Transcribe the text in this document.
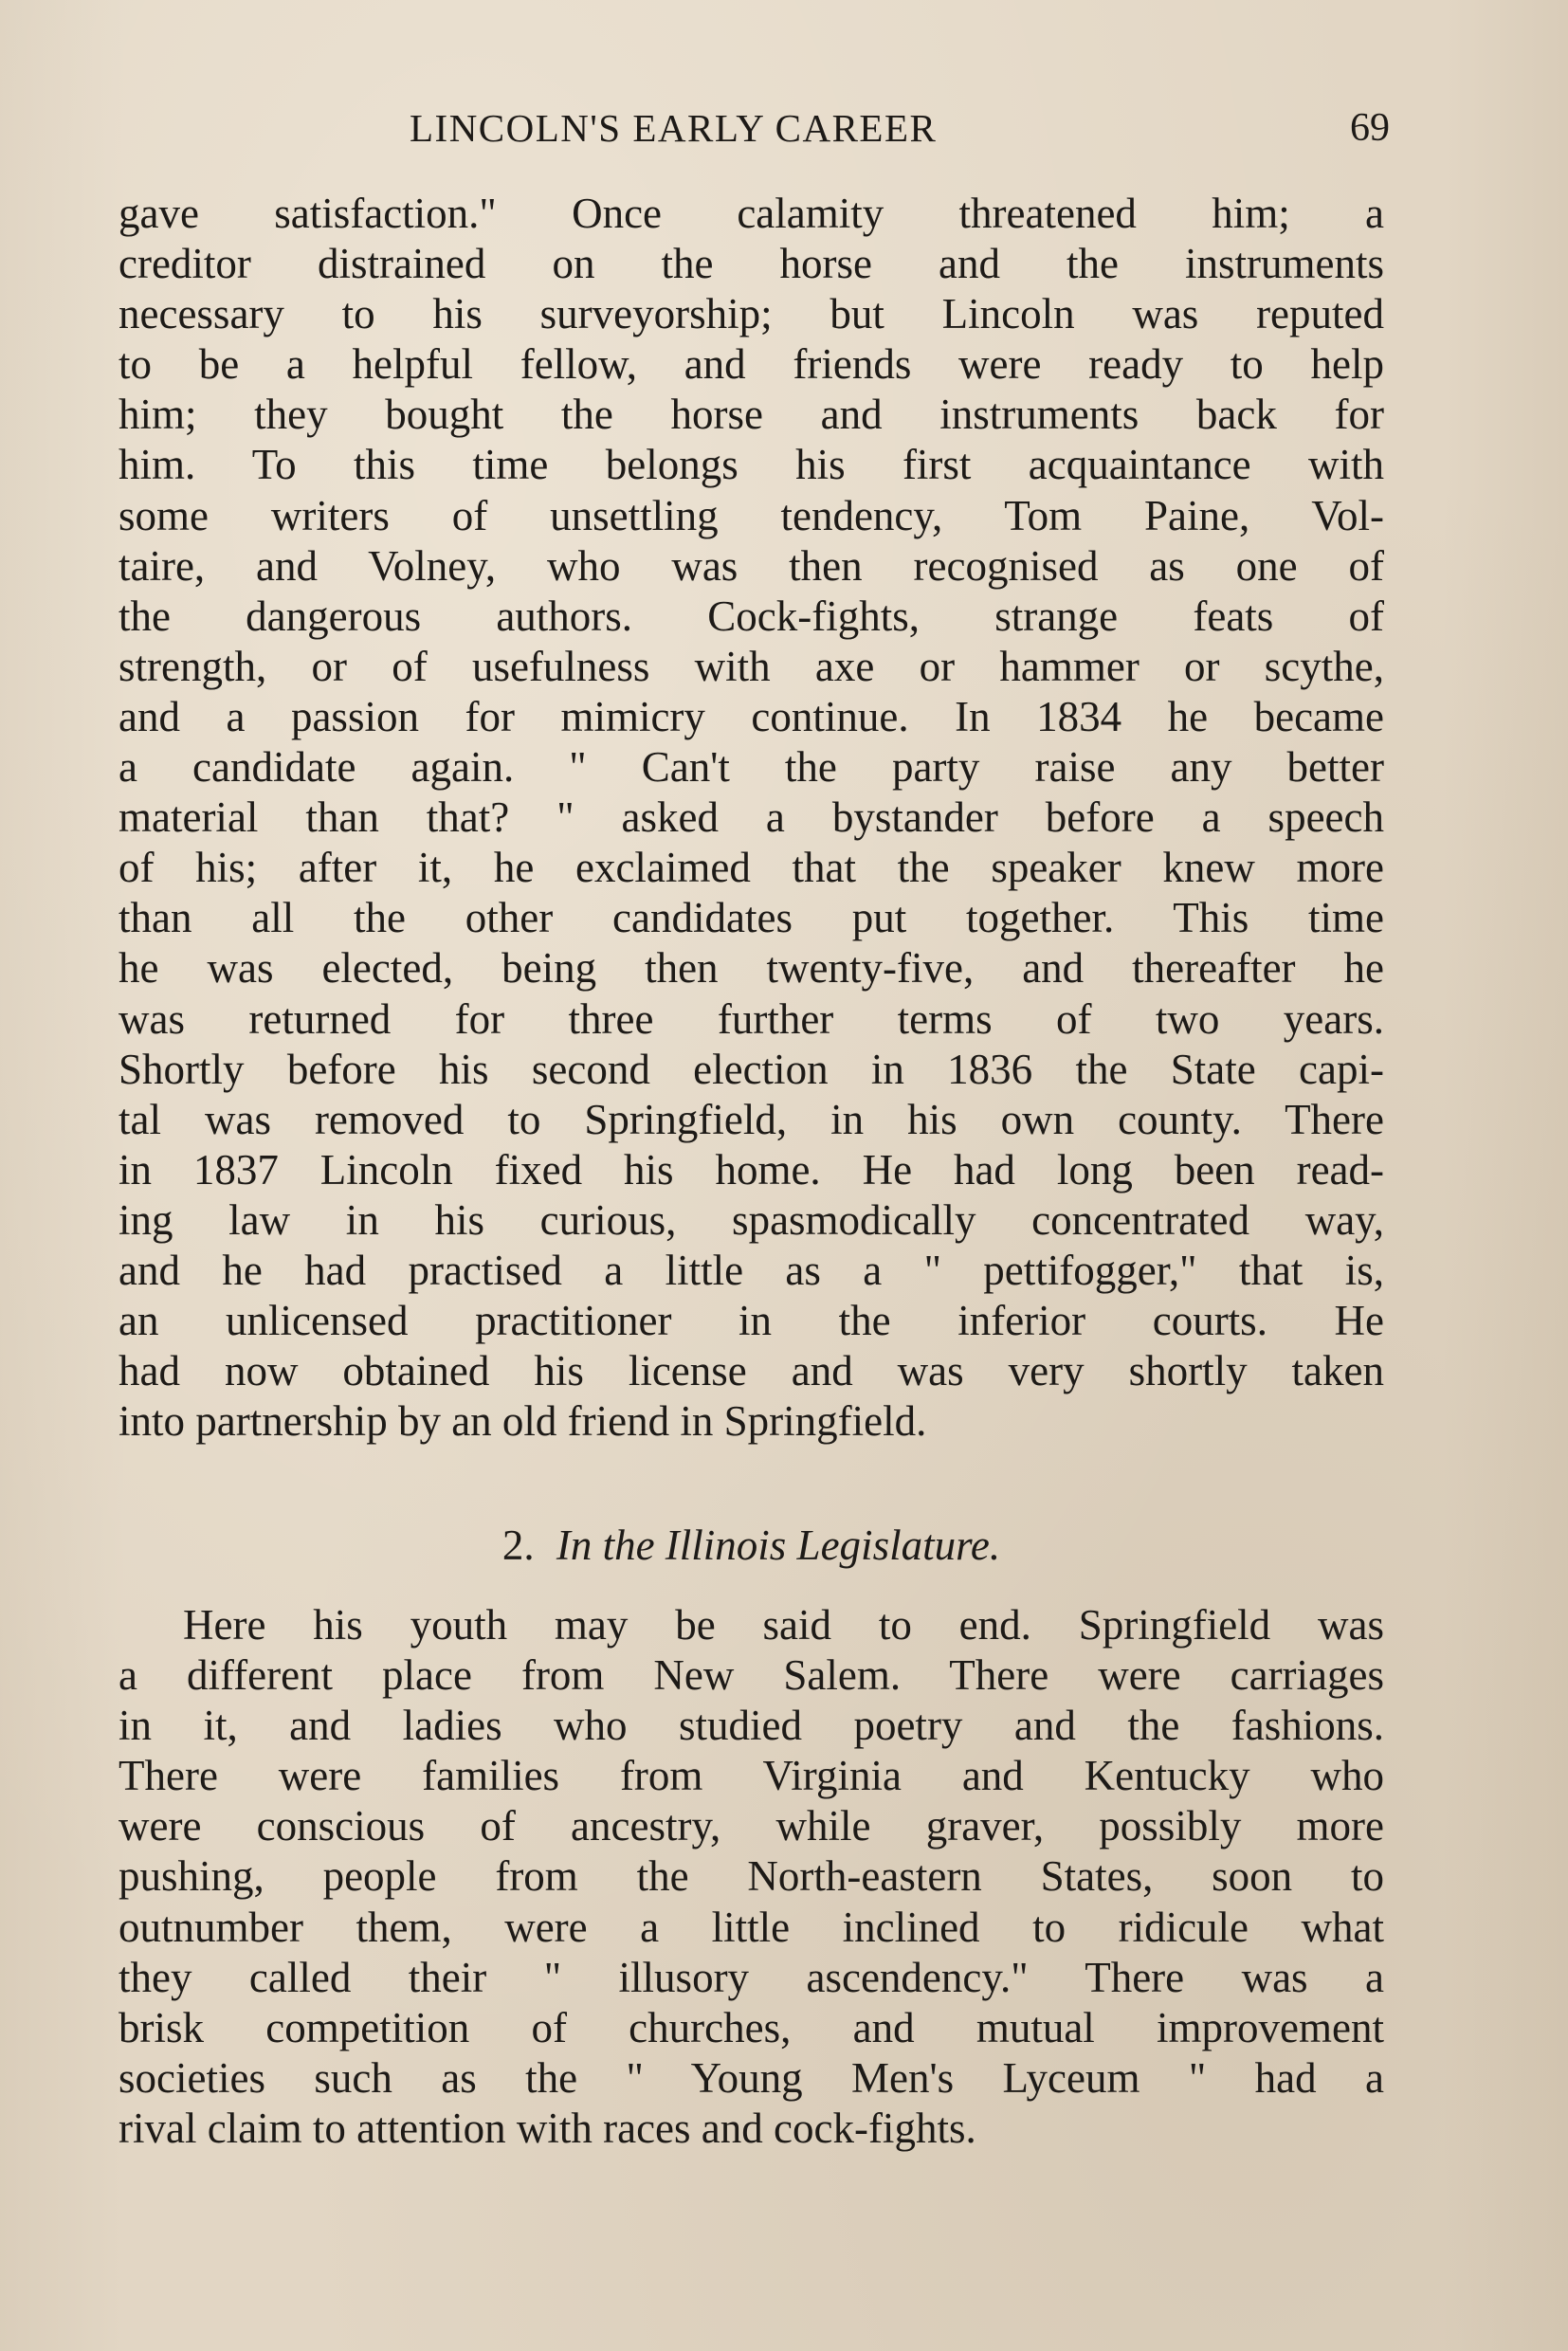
LINCOLN'S EARLY CAREER	69
gave satisfaction." Once calamity threatened him; a
creditor distrained on the horse and the instruments
necessary to his surveyorship; but Lincoln was reputed
to be a helpful fellow, and friends were ready to help
him; they bought the horse and instruments back for
him. To this time belongs his first acquaintance with
some writers of unsettling tendency, Tom Paine, Vol-
taire, and Volney, who was then recognised as one of
the dangerous authors. Cock-fights, strange feats of
strength, or of usefulness with axe or hammer or scythe,
and a passion for mimicry continue. In 1834 he became
a candidate again. " Can't the party raise any better
material than that? " asked a bystander before a speech
of his; after it, he exclaimed that the speaker knew more
than all the other candidates put together. This time
he was elected, being then twenty-five, and thereafter he
was returned for three further terms of two years.
Shortly before his second election in 1836 the State capi-
tal was removed to Springfield, in his own county. There
in 1837 Lincoln fixed his home. He had long been read-
ing law in his curious, spasmodically concentrated way,
and he had practised a little as a " pettifogger," that is,
an unlicensed practitioner in the inferior courts. He
had now obtained his license and was very shortly taken
into partnership by an old friend in Springfield.
2. In the Illinois Legislature.
Here his youth may be said to end. Springfield was
a different place from New Salem. There were carriages
in it, and ladies who studied poetry and the fashions.
There were families from Virginia and Kentucky who
were conscious of ancestry, while graver, possibly more
pushing, people from the North-eastern States, soon to
outnumber them, were a little inclined to ridicule what
they called their " illusory ascendency." There was a
brisk competition of churches, and mutual improvement
societies such as the " Young Men's Lyceum " had a
rival claim to attention with races and cock-fights.
